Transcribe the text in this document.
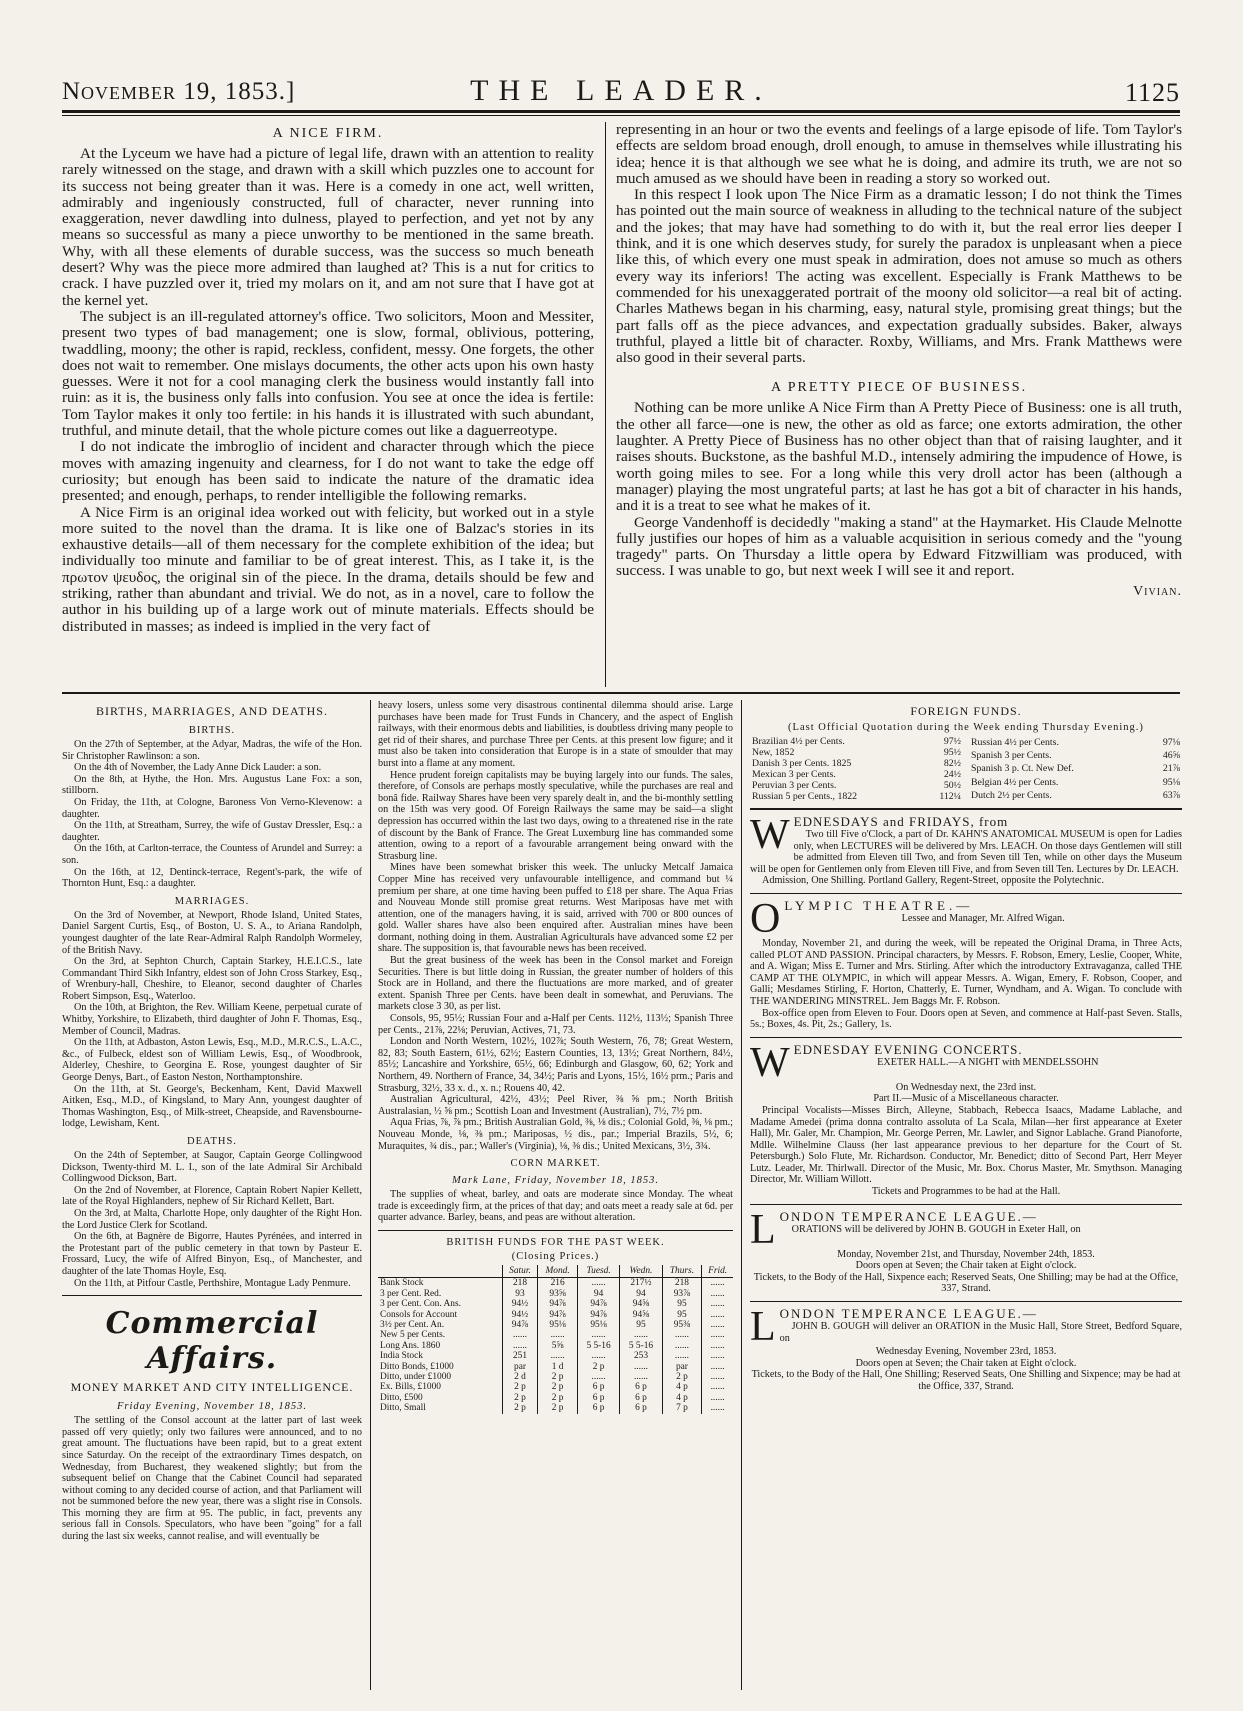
November 19, 1853.]	THE LEADER.	1125
A NICE FIRM.

At the Lyceum we have had a picture of legal life, drawn with an attention to reality rarely witnessed on the stage, and drawn with a skill which puzzles one to account for its success not being greater than it was. Here is a comedy in one act, well written, admirably and ingeniously constructed, full of character, never running into exaggeration, never dawdling into dulness, played to perfection, and yet not by any means so successful as many a piece unworthy to be mentioned in the same breath. Why, with all these elements of durable success, was the success so much beneath desert? Why was the piece more admired than laughed at? This is a nut for critics to crack. I have puzzled over it, tried my molars on it, and am not sure that I have got at the kernel yet.

The subject is an ill-regulated attorney's office. Two solicitors, Moon and Messiter, present two types of bad management; one is slow, formal, oblivious, pottering, twaddling, moony; the other is rapid, reckless, confident, messy. One forgets, the other does not wait to remember. One mislays documents, the other acts upon his own hasty guesses. Were it not for a cool managing clerk the business would instantly fall into ruin: as it is, the business only falls into confusion. You see at once the idea is fertile: Tom Taylor makes it only too fertile: in his hands it is illustrated with such abundant, truthful, and minute detail, that the whole picture comes out like a daguerreotype.

I do not indicate the imbroglio of incident and character through which the piece moves with amazing ingenuity and clearness, for I do not want to take the edge off curiosity; but enough has been said to indicate the nature of the dramatic idea presented; and enough, perhaps, to render intelligible the following remarks.

A Nice Firm is an original idea worked out with felicity, but worked out in a style more suited to the novel than the drama. It is like one of Balzac's stories in its exhaustive details—all of them necessary for the complete exhibition of the idea; but individually too minute and familiar to be of great interest. This, as I take it, is the πρωτον ψευδος, the original sin of the piece. In the drama, details should be few and striking, rather than abundant and trivial. We do not, as in a novel, care to follow the author in his building up of a large work out of minute materials. Effects should be distributed in masses; as indeed is implied in the very fact of

representing in an hour or two the events and feelings of a large episode of life. Tom Taylor's effects are seldom broad enough, droll enough, to amuse in themselves while illustrating his idea; hence it is that although we see what he is doing, and admire its truth, we are not so much amused as we should have been in reading a story so worked out.

In this respect I look upon The Nice Firm as a dramatic lesson; I do not think the Times has pointed out the main source of weakness in alluding to the technical nature of the subject and the jokes; that may have had something to do with it, but the real error lies deeper I think, and it is one which deserves study, for surely the paradox is unpleasant when a piece like this, of which every one must speak in admiration, does not amuse so much as others every way its inferiors! The acting was excellent. Especially is Frank Matthews to be commended for his unexaggerated portrait of the moony old solicitor—a real bit of acting. Charles Mathews began in his charming, easy, natural style, promising great things; but the part falls off as the piece advances, and expectation gradually subsides. Baker, always truthful, played a little bit of character. Roxby, Williams, and Mrs. Frank Matthews were also good in their several parts.

A PRETTY PIECE OF BUSINESS.

Nothing can be more unlike A Nice Firm than A Pretty Piece of Business: one is all truth, the other all farce—one is new, the other as old as farce; one extorts admiration, the other laughter. A Pretty Piece of Business has no other object than that of raising laughter, and it raises shouts. Buckstone, as the bashful M.D., intensely admiring the impudence of Howe, is worth going miles to see. For a long while this very droll actor has been (although a manager) playing the most ungrateful parts; at last he has got a bit of character in his hands, and it is a treat to see what he makes of it.

George Vandenhoff is decidedly "making a stand" at the Haymarket. His Claude Melnotte fully justifies our hopes of him as a valuable acquisition in serious comedy and the "young tragedy" parts. On Thursday a little opera by Edward Fitzwilliam was produced, with success. I was unable to go, but next week I will see it and report.

Vivian.
BIRTHS, MARRIAGES, AND DEATHS.
BIRTHS.

On the 27th of September, at the Adyar, Madras, the wife of the Hon. Sir Christopher Rawlinson: a son.

On the 4th of November, the Lady Anne Dick Lauder: a son.

On the 8th, at Hythe, the Hon. Mrs. Augustus Lane Fox: a son, stillborn.

On Friday, the 11th, at Cologne, Baroness Von Verno-Klevenow: a daughter.

On the 11th, at Streatham, Surrey, the wife of Gustav Dressler, Esq.: a daughter.

On the 16th, at Carlton-terrace, the Countess of Arundel and Surrey: a son.

On the 16th, at 12, Dentinck-terrace, Regent's-park, the wife of Thornton Hunt, Esq.: a daughter.

MARRIAGES.

On the 3rd of November, at Newport, Rhode Island, United States, Daniel Sargent Curtis, Esq., of Boston, U. S. A., to Ariana Randolph, youngest daughter of the late Rear-Admiral Ralph Randolph Wormeley, of the British Navy.

On the 3rd, at Sephton Church, Captain Starkey, H.E.I.C.S., late Commandant Third Sikh Infantry, eldest son of John Cross Starkey, Esq., of Wrenbury-hall, Cheshire, to Eleanor, second daughter of Charles Robert Simpson, Esq., Waterloo.

On the 10th, at Brighton, the Rev. William Keene, perpetual curate of Whitby, Yorkshire, to Elizabeth, third daughter of John F. Thomas, Esq., Member of Council, Madras.

On the 11th, at Adbaston, Aston Lewis, Esq., M.D., M.R.C.S., L.A.C., &c., of Fulbeck, eldest son of William Lewis, Esq., of Woodbrook, Alderley, Cheshire, to Georgina E. Rose, youngest daughter of Sir George Denys, Bart., of Easton Neston, Northamptonshire.

On the 11th, at St. George's, Beckenham, Kent, David Maxwell Aitken, Esq., M.D., of Kingsland, to Mary Ann, youngest daughter of Thomas Washington, Esq., of Milk-street, Cheapside, and Ravensbourne-lodge, Lewisham, Kent.

DEATHS.

On the 24th of September, at Saugor, Captain George Collingwood Dickson, Twenty-third M. L. I., son of the late Admiral Sir Archibald Collingwood Dickson, Bart.

On the 2nd of November, at Florence, Captain Robert Napier Kellett, late of the Royal Highlanders, nephew of Sir Richard Kellett, Bart.

On the 3rd, at Malta, Charlotte Hope, only daughter of the Right Hon. the Lord Justice Clerk for Scotland.

On the 6th, at Bagnère de Bigorre, Hautes Pyrénées, and interred in the Protestant part of the public cemetery in that town by Pasteur E. Frossard, Lucy, the wife of Alfred Binyon, Esq., of Manchester, and daughter of the late Thomas Hoyle, Esq.

On the 11th, at Pitfour Castle, Perthshire, Montague Lady Penmure.

Commercial Affairs.
MONEY MARKET AND CITY INTELLIGENCE.
Friday Evening, November 18, 1853.

The settling of the Consol account at the latter part of last week passed off very quietly; only two failures were announced, and to no great amount. The fluctuations have been rapid, but to a great extent since Saturday. On the receipt of the extraordinary Times despatch, on Wednesday, from Bucharest, they weakened slightly; but from the subsequent belief on Change that the Cabinet Council had separated without coming to any decided course of action, and that Parliament will not be summoned before the new year, there was a slight rise in Consols. This morning they are firm at 95. The public, in fact, prevents any serious fall in Consols. Speculators, who have been "going" for a fall during the last six weeks, cannot realise, and will eventually be

heavy losers, unless some very disastrous continental dilemma should arise. Large purchases have been made for Trust Funds in Chancery, and the aspect of English railways, with their enormous debts and liabilities, is doubtless driving many people to get rid of their shares, and purchase Three per Cents. at this present low figure; and it must also be taken into consideration that Europe is in a state of smoulder that may burst into a flame at any moment.

Hence prudent foreign capitalists may be buying largely into our funds. The sales, therefore, of Consols are perhaps mostly speculative, while the purchases are real and bonâ fide. Railway Shares have been very sparely dealt in, and the bi-monthly settling on the 15th was very good. Of Foreign Railways the same may be said—a slight depression has occurred within the last two days, owing to a threatened rise in the rate of discount by the Bank of France. The Great Luxemburg line has commanded some attention, owing to a report of a favourable arrangement being onward with the Strasburg line.

Mines have been somewhat brisker this week. The unlucky Metcalf Jamaica Copper Mine has received very unfavourable intelligence, and command but ¼ premium per share, at one time having been puffed to £18 per share. The Aqua Frias and Nouveau Monde still promise great returns. West Mariposas have met with attention, one of the managers having, it is said, arrived with 700 or 800 ounces of gold. Waller shares have also been enquired after. Australian mines have been dormant, nothing doing in them. Australian Agriculturals have advanced some £2 per share. The supposition is, that favourable news has been received.

But the great business of the week has been in the Consol market and Foreign Securities. There is but little doing in Russian, the greater number of holders of this Stock are in Holland, and there the fluctuations are more marked, and of greater extent. Spanish Three per Cents. have been dealt in somewhat, and Peruvians. The markets close 3 30, as per list.

Consols, 95, 95½; Russian Four and a-Half per Cents. 112½, 113½; Spanish Three per Cents., 21⅞, 22⅛; Peruvian, Actives, 71, 73.

London and North Western, 102½, 102⅞; South Western, 76, 78; Great Western, 82, 83; South Eastern, 61½, 62½; Eastern Counties, 13, 13½; Great Northern, 84½, 85½; Lancashire and Yorkshire, 65½, 66; Edinburgh and Glasgow, 60, 62; York and Northern, 49. Northern of France, 34, 34½; Paris and Lyons, 15½, 16½ prm.; Paris and Strasburg, 32½, 33 x. d., x. n.; Rouens 40, 42.

Australian Agricultural, 42½, 43½; Peel River, ⅜ ⅝ pm.; North British Australasian, ½ ⅝ pm.; Scottish Loan and Investment (Australian), 7½, 7½ pm.

Aqua Frias, ⅞, ⅞ pm.; British Australian Gold, ⅜, ⅛ dis.; Colonial Gold, ⅜, ⅛ pm.; Nouveau Monde, ⅛, ⅜ pm.; Mariposas, ½ dis., par.; Imperial Brazils, 5½, 6; Muraquites, ¾ dis., par.; Waller's (Virginia), ⅛, ⅜ dis.; United Mexicans, 3½, 3¾.

CORN MARKET.
Mark Lane, Friday, November 18, 1853.

The supplies of wheat, barley, and oats are moderate since Monday. The wheat trade is exceedingly firm, at the prices of that day; and oats meet a ready sale at 6d. per quarter advance. Barley, beans, and peas are without alteration.

BRITISH FUNDS FOR THE PAST WEEK.
(Closing Prices.)
	Satur.	Mond.	Tuesd.	Wedn.	Thurs.	Frid.
Bank Stock	218	216	......	217½	218	......
3 per Cent. Red.	93	93⅝	94	94	93⅞	......
3 per Cent. Con. Ans.	94½	94⅞	94⅞	94⅝	95	......
Consols for Account	94½	94⅞	94⅞	94⅝	95	......
3½ per Cent. An.	94⅞	95⅛	95⅛	95	95⅜	......
New 5 per Cents.	......	......	......	......	......	......
Long Ans. 1860	......	5⅝	5 5-16	5 5-16	......	......
India Stock	251	......	......	253	......	......
Ditto Bonds, £1000	par	1 d	2 p	......	par	......
Ditto, under £1000	2 d	2 p	......	......	2 p	......
Ex. Bills, £1000	2 p	2 p	6 p	6 p	4 p	......
Ditto, £500	2 p	2 p	6 p	6 p	4 p	......
Ditto, Small	2 p	2 p	6 p	6 p	7 p	......
FOREIGN FUNDS.
(Last Official Quotation during the Week ending Thursday Evening.)
Brazilian 4½ per Cents.	97½
New, 1852	95½
Danish 3 per Cents. 1825	82½
Mexican 3 per Cents.	24½
Peruvian 3 per Cents.	50½
Russian 5 per Cents., 1822	112¼
Russian 4½ per Cents.	97⅛
Spanish 3 per Cents.	46⅝
Spanish 3 p. Ct. New Def.	21⅞
Belgian 4½ per Cents.	95⅛
Dutch 2½ per Cents.	63⅞
WEDNESDAYS and FRIDAYS, from

Two till Five o'Clock, a part of Dr. KAHN'S ANATOMICAL MUSEUM is open for Ladies only, when LECTURES will be delivered by Mrs. LEACH. On those days Gentlemen will still be admitted from Eleven till Two, and from Seven till Ten, while on other days the Museum will be open for Gentlemen only from Eleven till Five, and from Seven till Ten. Lectures by Dr. LEACH.

Admission, One Shilling. Portland Gallery, Regent-Street, opposite the Polytechnic.

OLYMPIC THEATRE.—

Lessee and Manager, Mr. Alfred Wigan.

Monday, November 21, and during the week, will be repeated the Original Drama, in Three Acts, called PLOT AND PASSION. Principal characters, by Messrs. F. Robson, Emery, Leslie, Cooper, White, and A. Wigan; Miss E. Turner and Mrs. Stirling. After which the introductory Extravaganza, called THE CAMP AT THE OLYMPIC, in which will appear Messrs. A. Wigan, Emery, F. Robson, Cooper, and Galli; Mesdames Stirling, F. Horton, Chatterly, E. Turner, Wyndham, and A. Wigan. To conclude with THE WANDERING MINSTREL. Jem Baggs Mr. F. Robson.

Box-office open from Eleven to Four. Doors open at Seven, and commence at Half-past Seven. Stalls, 5s.; Boxes, 4s. Pit, 2s.; Gallery, 1s.

WEDNESDAY EVENING CONCERTS.

EXETER HALL.—A NIGHT with MENDELSSOHN

On Wednesday next, the 23rd inst.

Part II.—Music of a Miscellaneous character.

Principal Vocalists—Misses Birch, Alleyne, Stabbach, Rebecca Isaacs, Madame Lablache, and Madame Amedei (prima donna contralto assoluta of La Scala, Milan—her first appearance at Exeter Hall), Mr. Galer, Mr. Champion, Mr. George Perren, Mr. Lawler, and Signor Lablache. Grand Pianoforte, Mdlle. Wilhelmine Clauss (her last appearance previous to her departure for the Court of St. Petersburgh.) Solo Flute, Mr. Richardson. Conductor, Mr. Benedict; ditto of Second Part, Herr Meyer Lutz. Leader, Mr. Thirlwall. Director of the Music, Mr. Box. Chorus Master, Mr. Smythson. Managing Director, Mr. William Willott.

Tickets and Programmes to be had at the Hall.

LONDON TEMPERANCE LEAGUE.—

ORATIONS will be delivered by JOHN B. GOUGH in Exeter Hall, on

Monday, November 21st, and Thursday, November 24th, 1853.

Doors open at Seven; the Chair taken at Eight o'clock.

Tickets, to the Body of the Hall, Sixpence each; Reserved Seats, One Shilling; may be had at the Office, 337, Strand.

LONDON TEMPERANCE LEAGUE.—

JOHN B. GOUGH will deliver an ORATION in the Music Hall, Store Street, Bedford Square, on

Wednesday Evening, November 23rd, 1853.

Doors open at Seven; the Chair taken at Eight o'clock.

Tickets, to the Body of the Hall, One Shilling; Reserved Seats, One Shilling and Sixpence; may be had at the Office, 337, Strand.
